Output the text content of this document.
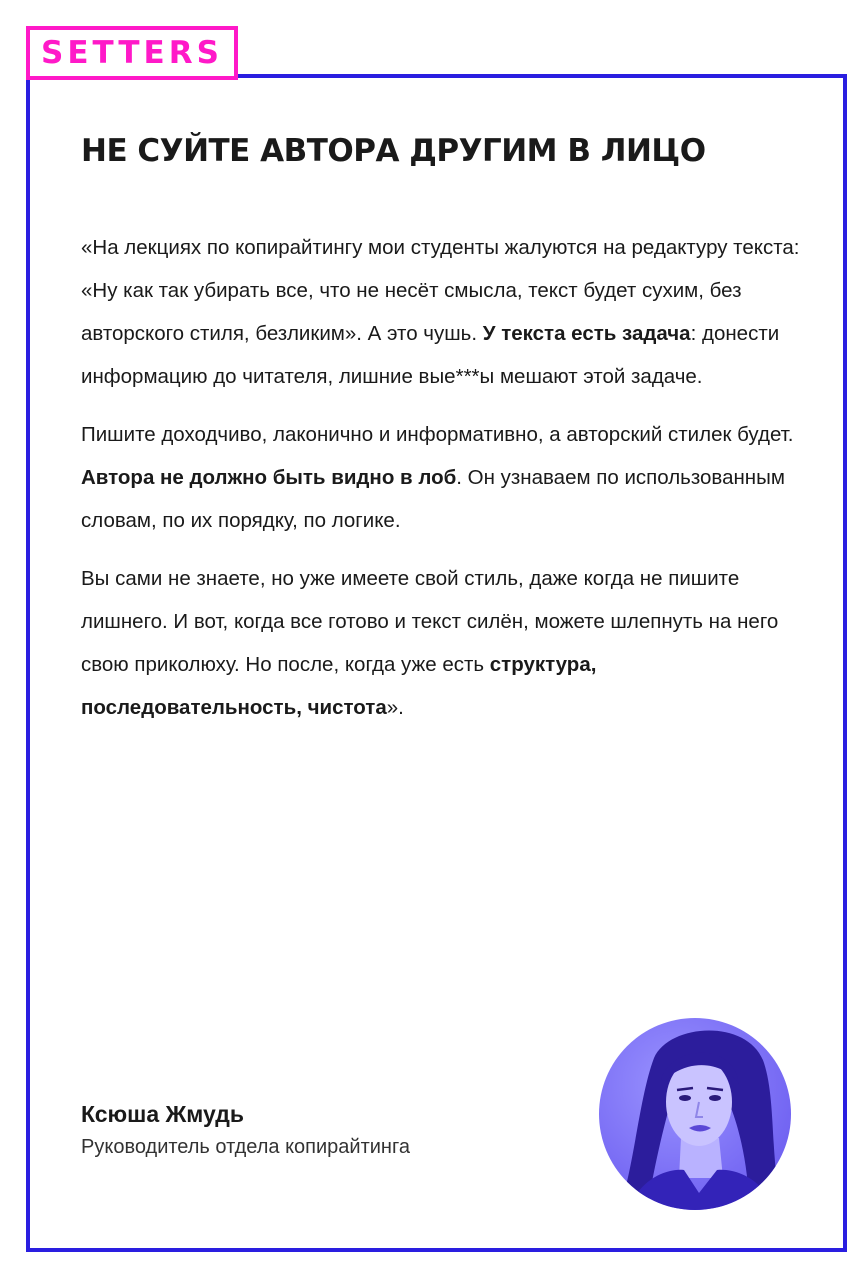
SETTERS
НЕ СУЙТЕ АВТОРА ДРУГИМ В ЛИЦО

«На лекциях по копирайтингу мои студенты жалуются на редактуру текста: «Ну как так убирать все, что не несёт смысла, текст будет сухим, без авторского стиля, безликим». А это чушь. У текста есть задача: донести информацию до читателя, лишние вые***ы мешают этой задаче.

Пишите доходчиво, лаконично и информативно, а авторский стилек будет. Автора не должно быть видно в лоб. Он узнаваем по использованным словам, по их порядку, по логике.

Вы сами не знаете, но уже имеете свой стиль, даже когда не пишите лишнего. И вот, когда все готово и текст силён, можете шлепнуть на него свою приколюху. Но после, когда уже есть структура, последовательность, чистота».

Ксюша Жмудь

Руководитель отдела копирайтинга
